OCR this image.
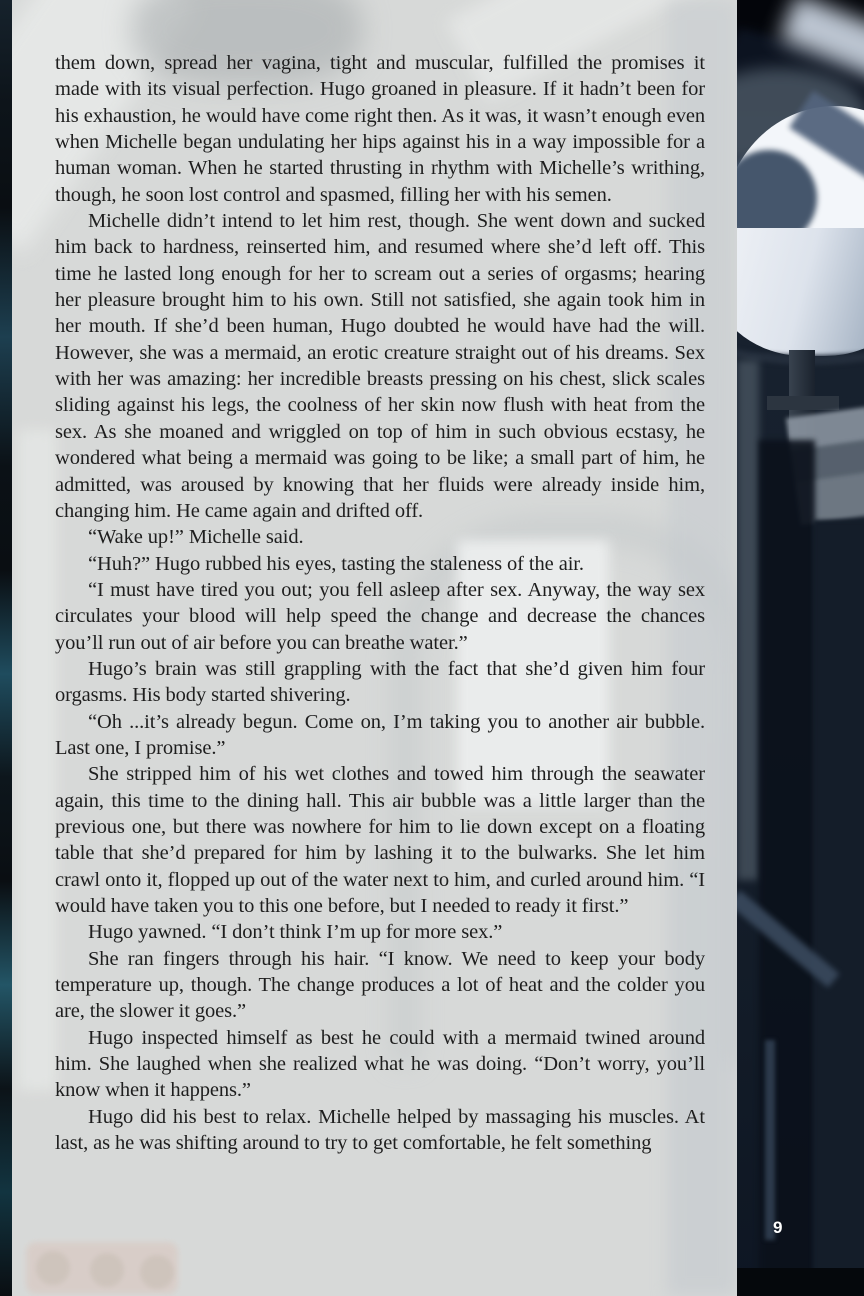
them down, spread her vagina, tight and muscular, fulfilled the promises it made with its visual perfection. Hugo groaned in pleasure. If it hadn’t been for his exhaustion, he would have come right then. As it was, it wasn’t enough even when Michelle began undulating her hips against his in a way impossible for a human woman. When he started thrusting in rhythm with Michelle’s writhing, though, he soon lost control and spasmed, filling her with his semen.

Michelle didn’t intend to let him rest, though. She went down and sucked him back to hardness, reinserted him, and resumed where she’d left off. This time he lasted long enough for her to scream out a series of orgasms; hearing her pleasure brought him to his own. Still not satisfied, she again took him in her mouth. If she’d been human, Hugo doubted he would have had the will. However, she was a mermaid, an erotic creature straight out of his dreams. Sex with her was amazing: her incredible breasts pressing on his chest, slick scales sliding against his legs, the coolness of her skin now flush with heat from the sex. As she moaned and wriggled on top of him in such obvious ecstasy, he wondered what being a mermaid was going to be like; a small part of him, he admitted, was aroused by knowing that her fluids were already inside him, changing him. He came again and drifted off.

“Wake up!” Michelle said.

“Huh?” Hugo rubbed his eyes, tasting the staleness of the air.

“I must have tired you out; you fell asleep after sex. Anyway, the way sex circulates your blood will help speed the change and decrease the chances you’ll run out of air before you can breathe water.”

Hugo’s brain was still grappling with the fact that she’d given him four orgasms. His body started shivering.

“Oh ...it’s already begun. Come on, I’m taking you to another air bubble. Last one, I promise.”

She stripped him of his wet clothes and towed him through the seawater again, this time to the dining hall. This air bubble was a little larger than the previous one, but there was nowhere for him to lie down except on a floating table that she’d prepared for him by lashing it to the bulwarks. She let him crawl onto it, flopped up out of the water next to him, and curled around him. “I would have taken you to this one before, but I needed to ready it first.”

Hugo yawned. “I don’t think I’m up for more sex.”

She ran fingers through his hair. “I know. We need to keep your body temperature up, though. The change produces a lot of heat and the colder you are, the slower it goes.”

Hugo inspected himself as best he could with a mermaid twined around him. She laughed when she realized what he was doing. “Don’t worry, you’ll know when it happens.”

Hugo did his best to relax. Michelle helped by massaging his muscles. At last, as he was shifting around to try to get comfortable, he felt something

9
